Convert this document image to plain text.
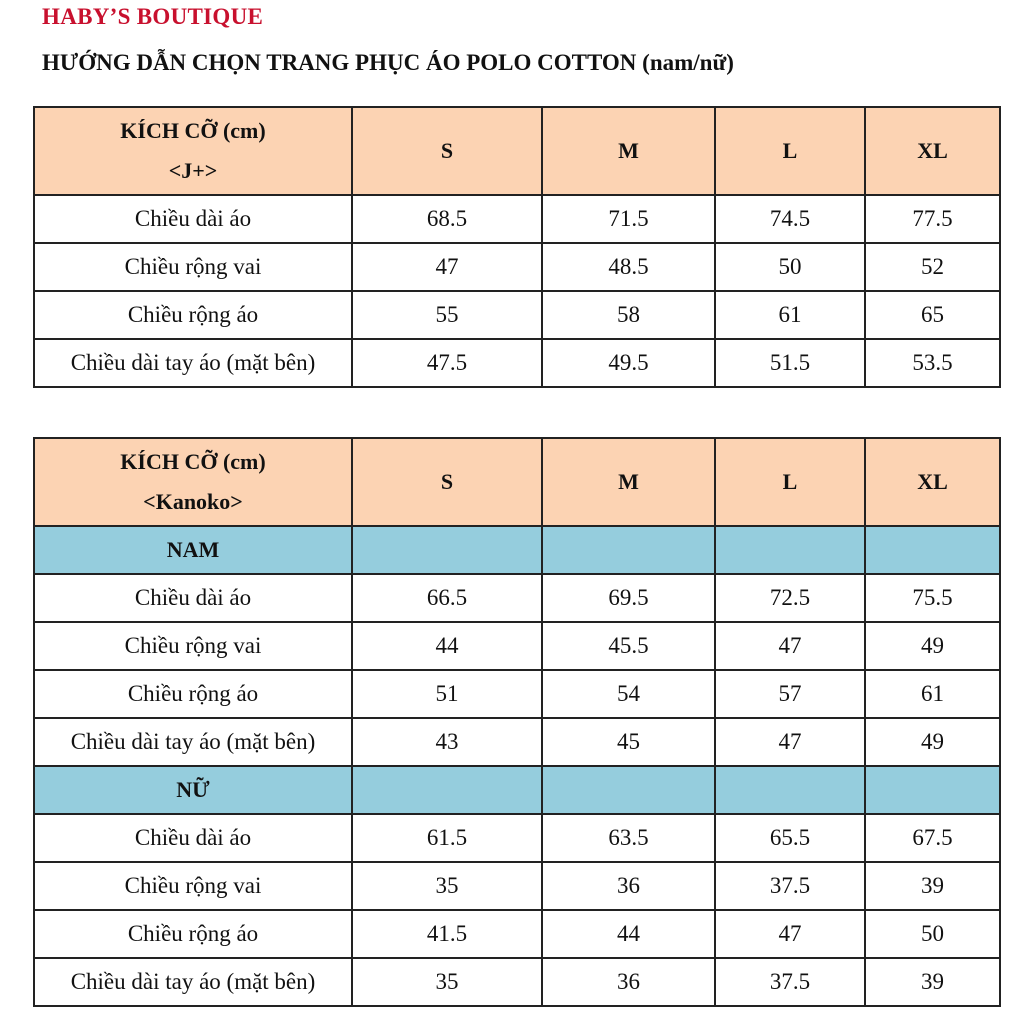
HABY’S BOUTIQUE
HƯỚNG DẪN CHỌN TRANG PHỤC ÁO POLO COTTON (nam/nữ)
KÍCH CỠ (cm)
<J+>	S	M	L	XL
Chiều dài áo	68.5	71.5	74.5	77.5
Chiều rộng vai	47	48.5	50	52
Chiều rộng áo	55	58	61	65
Chiều dài tay áo (mặt bên)	47.5	49.5	51.5	53.5
KÍCH CỠ (cm)
<Kanoko>	S	M	L	XL
NAM				
Chiều dài áo	66.5	69.5	72.5	75.5
Chiều rộng vai	44	45.5	47	49
Chiều rộng áo	51	54	57	61
Chiều dài tay áo (mặt bên)	43	45	47	49
NỮ				
Chiều dài áo	61.5	63.5	65.5	67.5
Chiều rộng vai	35	36	37.5	39
Chiều rộng áo	41.5	44	47	50
Chiều dài tay áo (mặt bên)	35	36	37.5	39
